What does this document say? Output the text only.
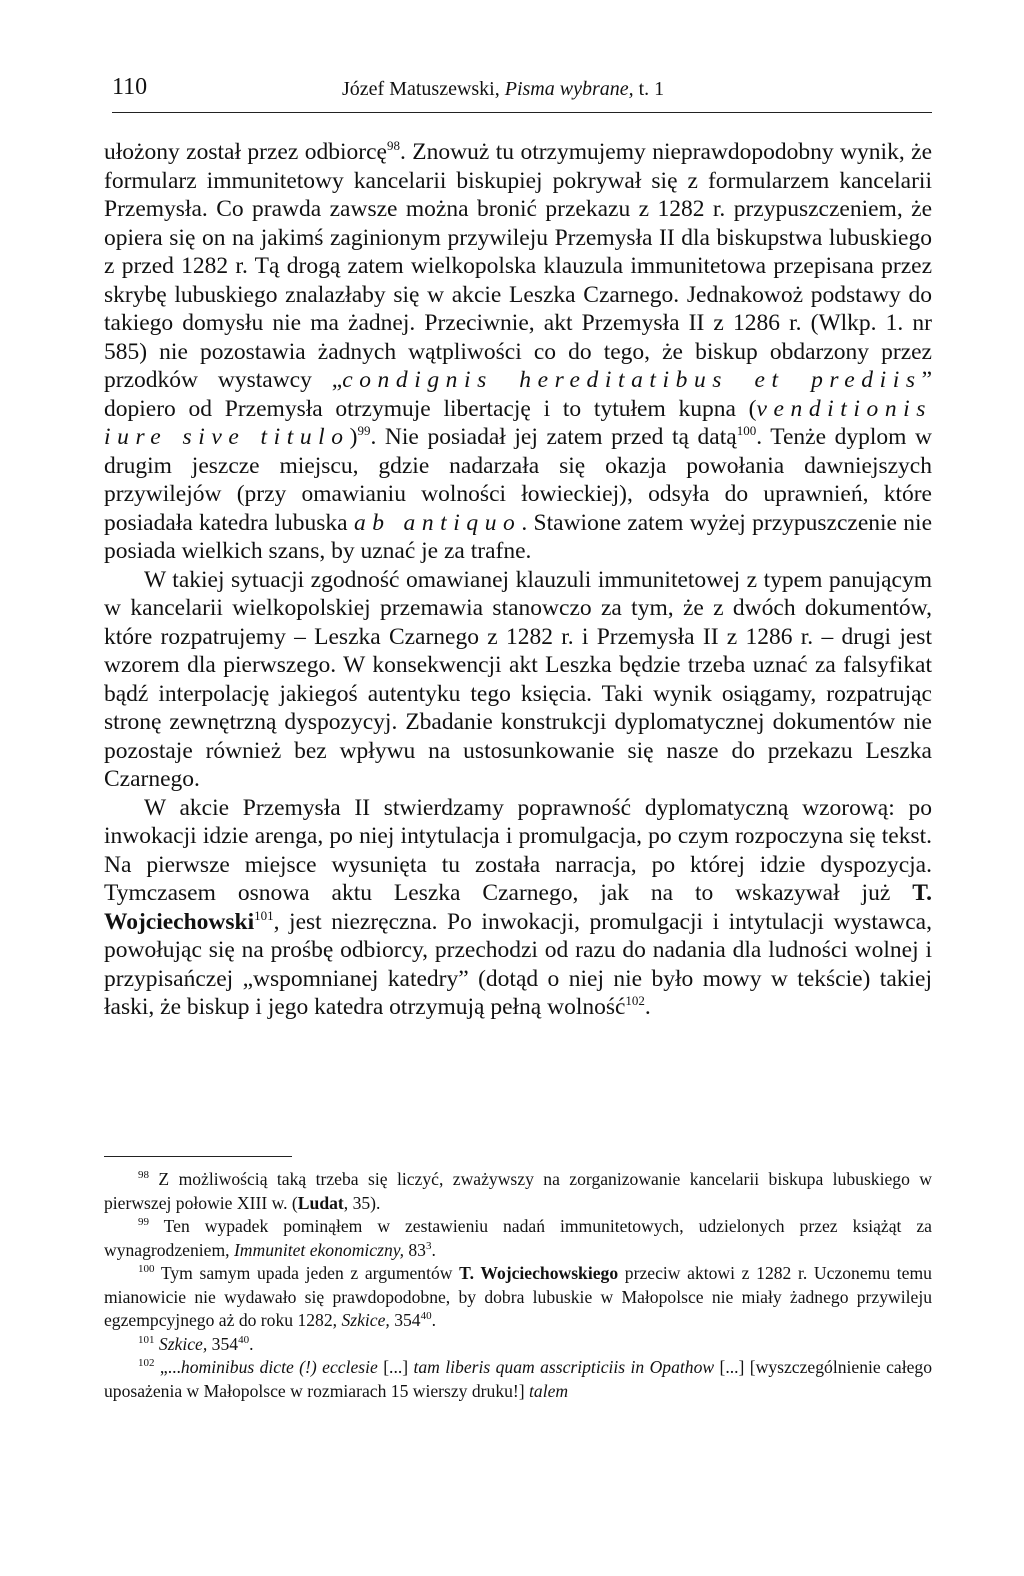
110	Józef Matuszewski, Pisma wybrane, t. 1

ułożony został przez odbiorcę$^{98}$. Znowuż tu otrzymujemy nieprawdopodobny wynik, że formularz immunitetowy kancelarii biskupiej pokrywał się z formularzem kancelarii Przemysła. Co prawda zawsze można bronić przekazu z 1282 r. przypuszczeniem, że opiera się on na jakimś zaginionym przywileju Przemysła II dla biskupstwa lubuskiego z przed 1282 r. Tą drogą zatem wielkopolska klauzula immunitetowa przepisana przez skrybę lubuskiego znalazłaby się w akcie Leszka Czarnego. Jednakowoż podstawy do takiego domysłu nie ma żadnej. Przeciwnie, akt Przemysła II z 1286 r. (Wlkp. 1. nr 585) nie pozostawia żadnych wątpliwości co do tego, że biskup obdarzony przez przodków wystawcy „condignis hereditatibus et prediis” dopiero od Przemysła otrzymuje libertację i to tytułem kupna (venditionis iure sive titulo)$^{99}$. Nie posiadał jej zatem przed tą datą$^{100}$. Tenże dyplom w drugim jeszcze miejscu, gdzie nadarzała się okazja powołania dawniejszych przywilejów (przy omawianiu wolności łowieckiej), odsyła do uprawnień, które posiadała katedra lubuska ab antiquo. Stawione zatem wyżej przypuszczenie nie posiada wielkich szans, by uznać je za trafne.

W takiej sytuacji zgodność omawianej klauzuli immunitetowej z typem panującym w kancelarii wielkopolskiej przemawia stanowczo za tym, że z dwóch dokumentów, które rozpatrujemy – Leszka Czarnego z 1282 r. i Przemysła II z 1286 r. – drugi jest wzorem dla pierwszego. W konsekwencji akt Leszka będzie trzeba uznać za falsyfikat bądź interpolację jakiegoś autentyku tego księcia. Taki wynik osiągamy, rozpatrując stronę zewnętrzną dyspozycyj. Zbadanie konstrukcji dyplomatycznej dokumentów nie pozostaje również bez wpływu na ustosunkowanie się nasze do przekazu Leszka Czarnego.

W akcie Przemysła II stwierdzamy poprawność dyplomatyczną wzorową: po inwokacji idzie arenga, po niej intytulacja i promulgacja, po czym rozpoczyna się tekst. Na pierwsze miejsce wysunięta tu została narracja, po której idzie dyspozycja. Tymczasem osnowa aktu Leszka Czarnego, jak na to wskazywał już T. Wojciechowski$^{101}$, jest niezręczna. Po inwokacji, promulgacji i intytulacji wystawca, powołując się na prośbę odbiorcy, przechodzi od razu do nadania dla ludności wolnej i przypisańczej „wspomnianej katedry” (dotąd o niej nie było mowy w tekście) takiej łaski, że biskup i jego katedra otrzymują pełną wolność$^{102}$.

$^{98}$ Z możliwością taką trzeba się liczyć, zważywszy na zorganizowanie kancelarii biskupa lubuskiego w pierwszej połowie XIII w. (Ludat, 35).

$^{99}$ Ten wypadek pominąłem w zestawieniu nadań immunitetowych, udzielonych przez książąt za wynagrodzeniem, Immunitet ekonomiczny, $83^3$.

$^{100}$ Tym samym upada jeden z argumentów T. Wojciechowskiego przeciw aktowi z 1282 r. Uczonemu temu mianowicie nie wydawało się prawdopodobne, by dobra lubuskie w Małopolsce nie miały żadnego przywileju egzempcyjnego aż do roku 1282, Szkice, $354^{40}$.

$^{101}$ Szkice, $354^{40}$.

$^{102}$ „...hominibus dicte (!) ecclesie [...] tam liberis quam asscripticiis in Opathow [...] [wyszczególnienie całego uposażenia w Małopolsce w rozmiarach 15 wierszy druku!] talem
